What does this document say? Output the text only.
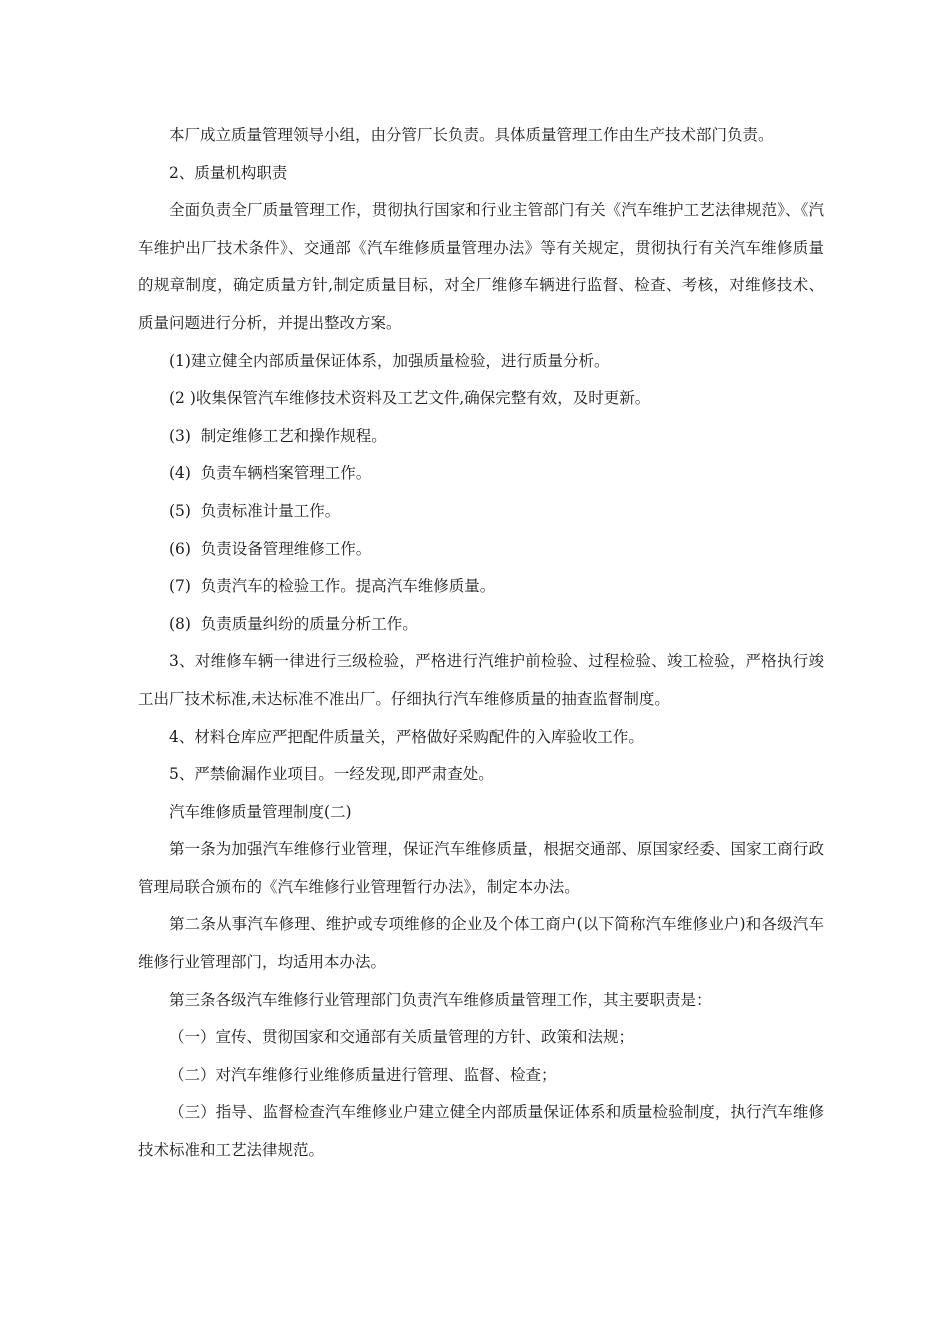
本厂成立质量管理领导小组，由分管厂长负责。具体质量管理工作由生产技术部门负责。

2、质量机构职责

全面负责全厂质量管理工作，贯彻执行国家和行业主管部门有关《汽车维护工艺法律规范》、《汽车维护出厂技术条件》、交通部《汽车维修质量管理办法》等有关规定，贯彻执行有关汽车维修质量的规章制度，确定质量方针,制定质量目标，对全厂维修车辆进行监督、检查、考核，对维修技术、质量问题进行分析，并提出整改方案。

(1)建立健全内部质量保证体系，加强质量检验，进行质量分析。

(2 )收集保管汽车维修技术资料及工艺文件,确保完整有效，及时更新。

(3)  制定维修工艺和操作规程。

(4)  负责车辆档案管理工作。

(5)  负责标准计量工作。

(6)  负责设备管理维修工作。

(7)  负责汽车的检验工作。提高汽车维修质量。

(8)  负责质量纠纷的质量分析工作。

3、对维修车辆一律进行三级检验，严格进行汽维护前检验、过程检验、竣工检验，严格执行竣工出厂技术标准,未达标准不准出厂。仔细执行汽车维修质量的抽查监督制度。

4、材料仓库应严把配件质量关，严格做好采购配件的入库验收工作。

5、严禁偷漏作业项目。一经发现,即严肃查处。

汽车维修质量管理制度(二)

第一条为加强汽车维修行业管理，保证汽车维修质量，根据交通部、原国家经委、国家工商行政管理局联合颁布的《汽车维修行业管理暂行办法》，制定本办法。

第二条从事汽车修理、维护或专项维修的企业及个体工商户(以下简称汽车维修业户)和各级汽车维修行业管理部门，均适用本办法。

第三条各级汽车维修行业管理部门负责汽车维修质量管理工作，其主要职责是：

（一）宣传、贯彻国家和交通部有关质量管理的方针、政策和法规；

（二）对汽车维修行业维修质量进行管理、监督、检查；

（三）指导、监督检查汽车维修业户建立健全内部质量保证体系和质量检验制度，执行汽车维修技术标准和工艺法律规范。
